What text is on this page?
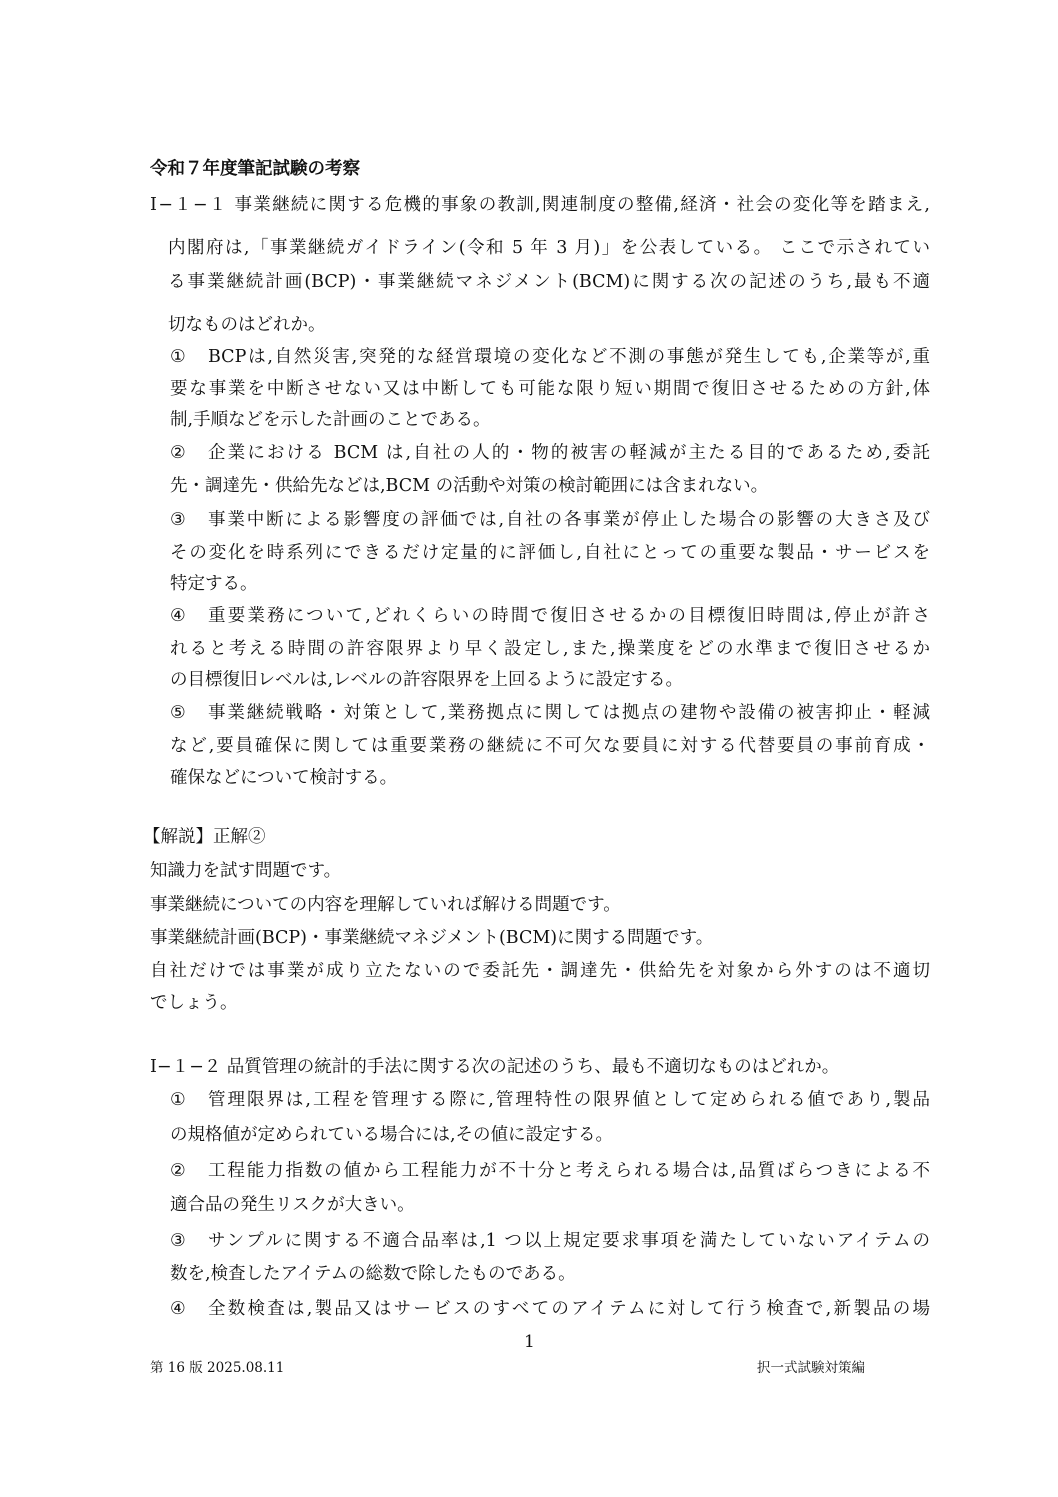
令和７年度筆記試験の考察
Ⅰ−１−１ 事業継続に関する危機的事象の教訓,関連制度の整備,経済・社会の変化等を踏まえ,
内閣府は,「事業継続ガイドライン(令和 5 年 3 月)」を公表している。 ここで示されてい
る事業継続計画(BCP)・事業継続マネジメント(BCM)に関する次の記述のうち,最も不適
切なものはどれか。
①	BCPは,自然災害,突発的な経営環境の変化など不測の事態が発生しても,企業等が,重
要な事業を中断させない又は中断しても可能な限り短い期間で復旧させるための方針,体
制,手順などを示した計画のことである。
②	企業における BCM は,自社の人的・物的被害の軽減が主たる目的であるため,委託
先・調達先・供給先などは,BCM の活動や対策の検討範囲には含まれない。
③	事業中断による影響度の評価では,自社の各事業が停止した場合の影響の大きさ及び
その変化を時系列にできるだけ定量的に評価し,自社にとっての重要な製品・サービスを
特定する。
④	重要業務について,どれくらいの時間で復旧させるかの目標復旧時間は,停止が許さ
れると考える時間の許容限界より早く設定し,また,操業度をどの水準まで復旧させるか
の目標復旧レベルは,レベルの許容限界を上回るように設定する。
⑤	事業継続戦略・対策として,業務拠点に関しては拠点の建物や設備の被害抑止・軽減
など,要員確保に関しては重要業務の継続に不可欠な要員に対する代替要員の事前育成・
確保などについて検討する。
【解説】正解②
知識力を試す問題です。
事業継続についての内容を理解していれば解ける問題です。
事業継続計画(BCP)・事業継続マネジメント(BCM)に関する問題です。
自社だけでは事業が成り立たないので委託先・調達先・供給先を対象から外すのは不適切
でしょう。
Ⅰ−１−２ 品質管理の統計的手法に関する次の記述のうち、最も不適切なものはどれか。
①	管理限界は,工程を管理する際に,管理特性の限界値として定められる値であり,製品
の規格値が定められている場合には,その値に設定する。
②	工程能力指数の値から工程能力が不十分と考えられる場合は,品質ばらつきによる不
適合品の発生リスクが大きい。
③	サンプルに関する不適合品率は,1 つ以上規定要求事項を満たしていないアイテムの
数を,検査したアイテムの総数で除したものである。
④	全数検査は,製品又はサービスのすべてのアイテムに対して行う検査で,新製品の場
1
第 16 版 2025.08.11	択一式試験対策編
